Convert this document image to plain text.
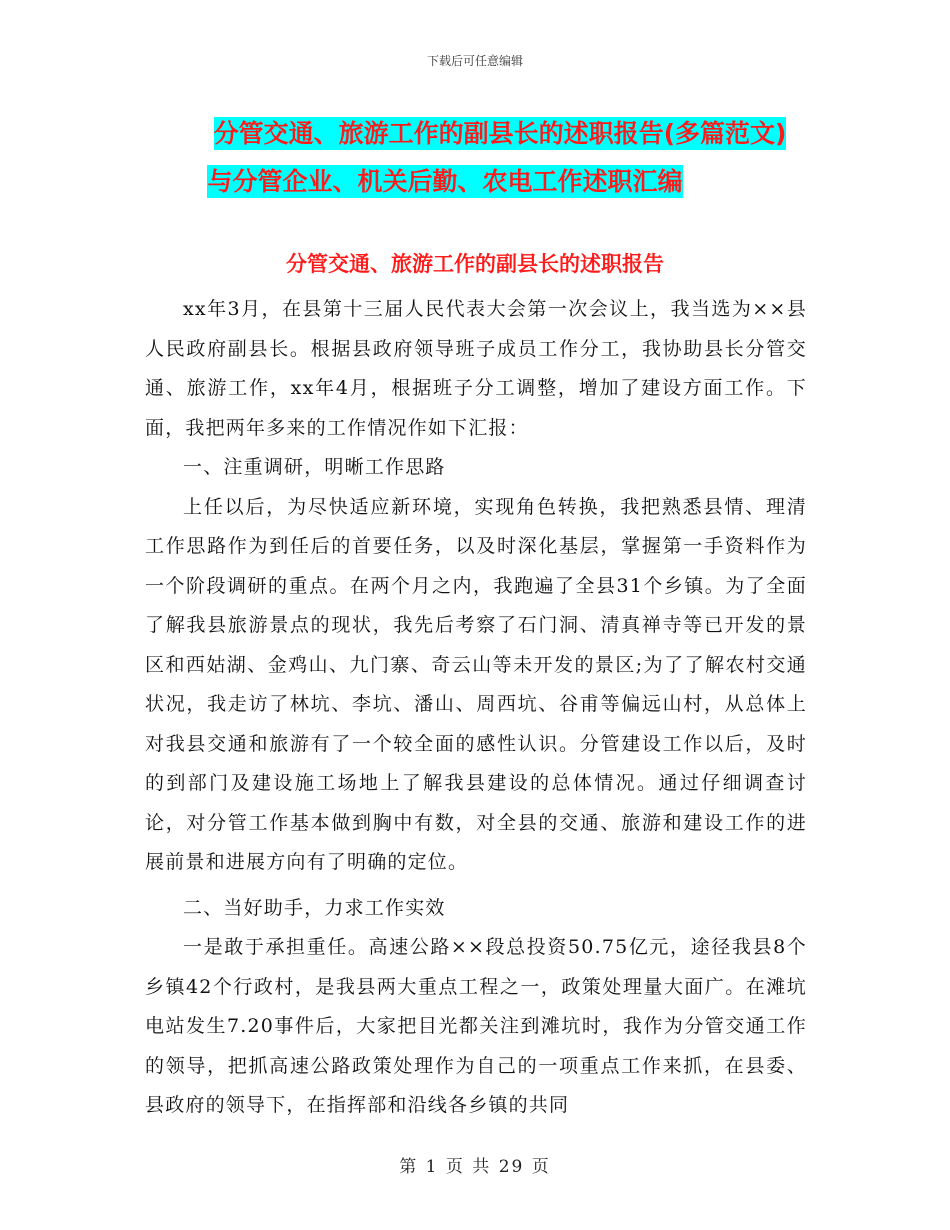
下载后可任意编辑
分管交通、旅游工作的副县长的述职报告(多篇范文)
与分管企业、机关后勤、农电工作述职汇编
分管交通、旅游工作的副县长的述职报告

xx年3月，在县第十三届人民代表大会第一次会议上，我当选为××县人民政府副县长。根据县政府领导班子成员工作分工，我协助县长分管交通、旅游工作，xx年4月，根据班子分工调整，增加了建设方面工作。下面，我把两年多来的工作情况作如下汇报：

一、注重调研，明晰工作思路

上任以后，为尽快适应新环境，实现角色转换，我把熟悉县情、理清工作思路作为到任后的首要任务，以及时深化基层，掌握第一手资料作为一个阶段调研的重点。在两个月之内，我跑遍了全县31个乡镇。为了全面了解我县旅游景点的现状，我先后考察了石门洞、清真禅寺等已开发的景区和西姑湖、金鸡山、九门寨、奇云山等未开发的景区;为了了解农村交通状况，我走访了林坑、李坑、潘山、周西坑、谷甫等偏远山村，从总体上对我县交通和旅游有了一个较全面的感性认识。分管建设工作以后，及时的到部门及建设施工场地上了解我县建设的总体情况。通过仔细调查讨论，对分管工作基本做到胸中有数，对全县的交通、旅游和建设工作的进展前景和进展方向有了明确的定位。

二、当好助手，力求工作实效

一是敢于承担重任。高速公路××段总投资50.75亿元，途径我县8个乡镇42个行政村，是我县两大重点工程之一，政策处理量大面广。在滩坑电站发生7.20事件后，大家把目光都关注到滩坑时，我作为分管交通工作的领导，把抓高速公路政策处理作为自己的一项重点工作来抓，在县委、县政府的领导下，在指挥部和沿线各乡镇的共同

第 1 页 共 29 页
